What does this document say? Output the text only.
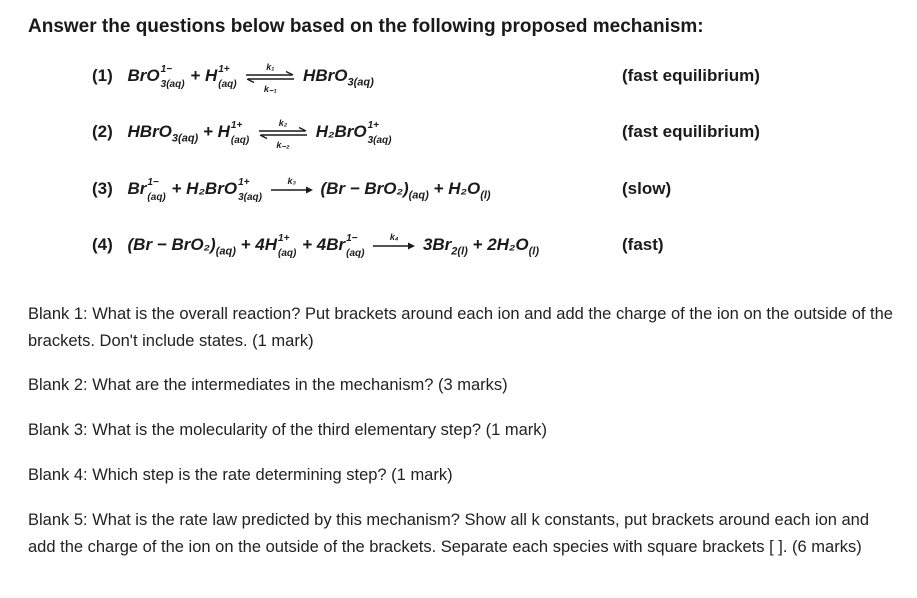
Answer the questions below based on the following proposed mechanism:
(1) BrO 1−
3(aq) + H 1+
(aq)

k₁
k₋₁
HBrO$_{3(aq)}$	(fast equilibrium)
(2) HBrO$_{3(aq)}$ + H 1+
(aq)

k₂
k₋₂
H₂BrO 1+
3(aq)	(fast equilibrium)
(3) Br 1−
(aq) + H₂BrO 1+
3(aq)

k₃ $(Br - BrO_2)_{(aq)} + H_2O_{(l)}$	(slow)
(4) $(Br - BrO_2)_{(aq)} + 4H$ 1+
(aq) + 4Br 1−
(aq)

k₄ $3Br_{2(l)} + 2H_2O_{(l)}$	(fast)
Blank 1: What is the overall reaction? Put brackets around each ion and add the charge of the ion on the outside of the brackets. Don't include states. (1 mark)
Blank 2: What are the intermediates in the mechanism? (3 marks)
Blank 3: What is the molecularity of the third elementary step? (1 mark)
Blank 4: Which step is the rate determining step? (1 mark)
Blank 5: What is the rate law predicted by this mechanism? Show all k constants, put brackets around each ion and add the charge of the ion on the outside of the brackets. Separate each species with square brackets [ ]. (6 marks)
